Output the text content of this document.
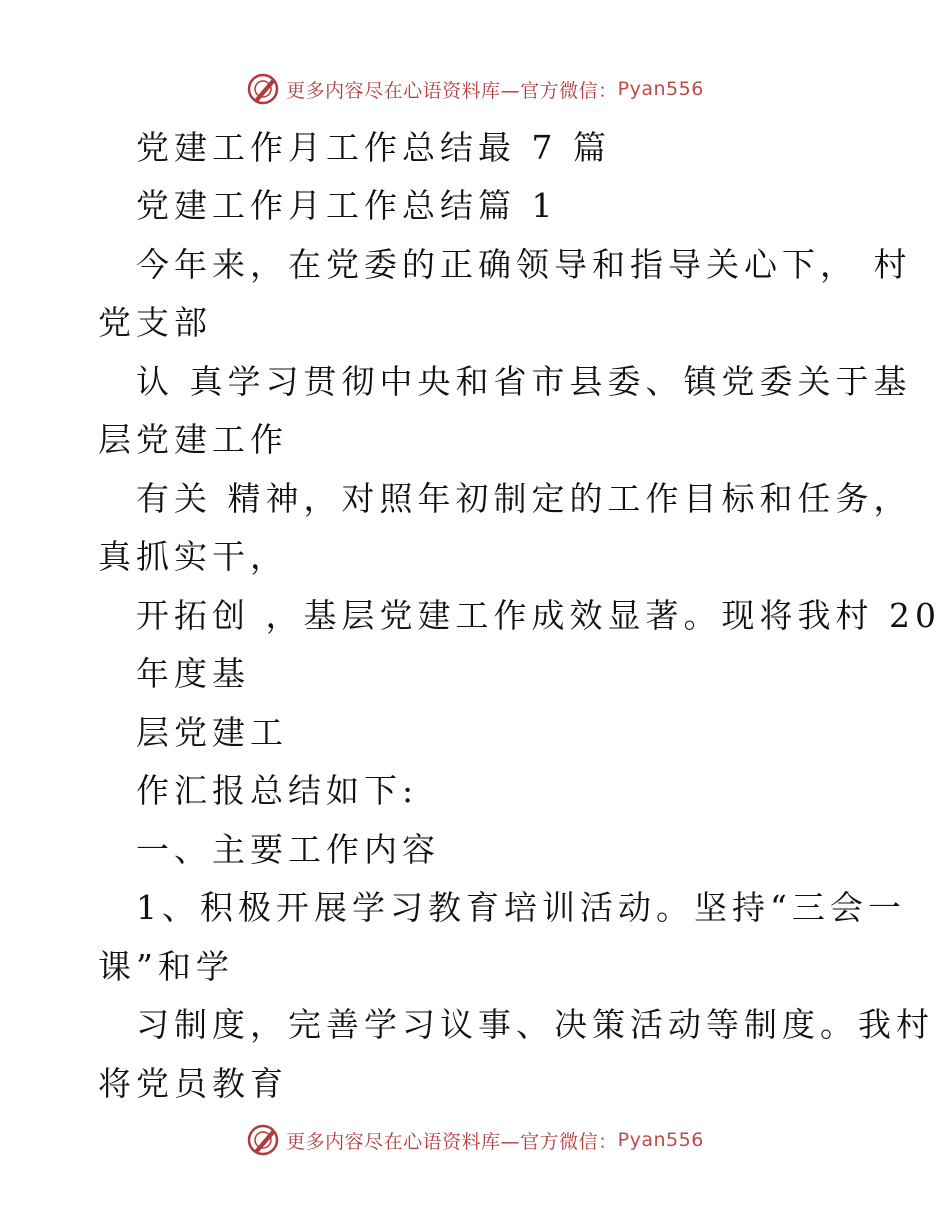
更多内容尽在心语资料库—官方微信： Pyan556
党建工作月工作总结最 7 篇
党建工作月工作总结篇 1
今年来，在党委的正确领导和指导关心下， 村
党支部
认 真学习贯彻中央和省市县委、镇党委关于基
层党建工作
有关 精神，对照年初制定的工作目标和任务，
真抓实干，
开拓创 ，基层党建工作成效显著。现将我村 20
年度基
层党建工
作汇报总结如下:
一、主要工作内容
1、积极开展学习教育培训活动。坚持“三会一
课”和学
习制度，完善学习议事、决策活动等制度。我村
将党员教育
更多内容尽在心语资料库—官方微信： Pyan556
